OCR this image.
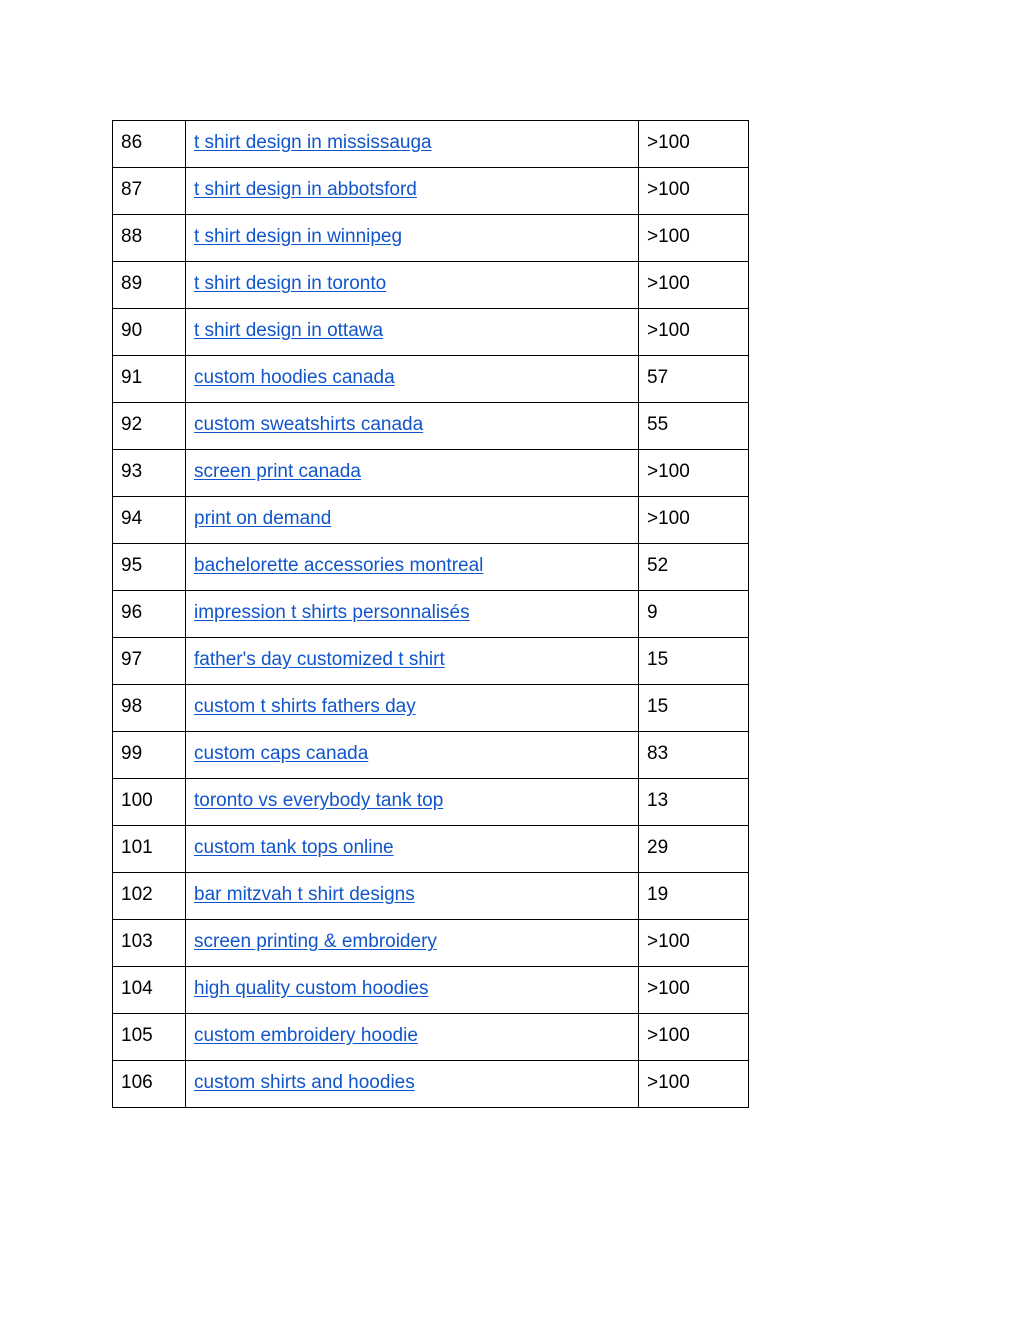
86	t shirt design in mississauga	>100
87	t shirt design in abbotsford	>100
88	t shirt design in winnipeg	>100
89	t shirt design in toronto	>100
90	t shirt design in ottawa	>100
91	custom hoodies canada	57
92	custom sweatshirts canada	55
93	screen print canada	>100
94	print on demand	>100
95	bachelorette accessories montreal	52
96	impression t shirts personnalisés	9
97	father's day customized t shirt	15
98	custom t shirts fathers day	15
99	custom caps canada	83
100	toronto vs everybody tank top	13
101	custom tank tops online	29
102	bar mitzvah t shirt designs	19
103	screen printing & embroidery	>100
104	high quality custom hoodies	>100
105	custom embroidery hoodie	>100
106	custom shirts and hoodies	>100
